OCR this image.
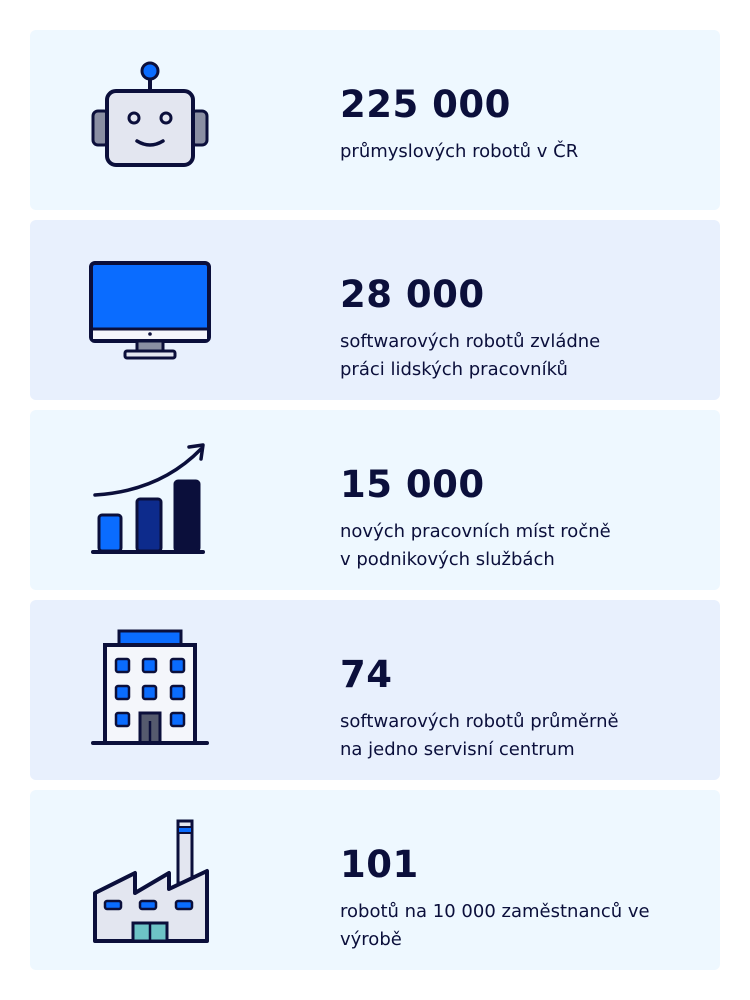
225 000
průmyslových robotů v ČR
28 000
softwarových robotů zvládne
práci lidských pracovníků
15 000
nových pracovních míst ročně
v podnikových službách
74
softwarových robotů průměrně
na jedno servisní centrum
101
robotů na 10 000 zaměstnanců ve
výrobě
